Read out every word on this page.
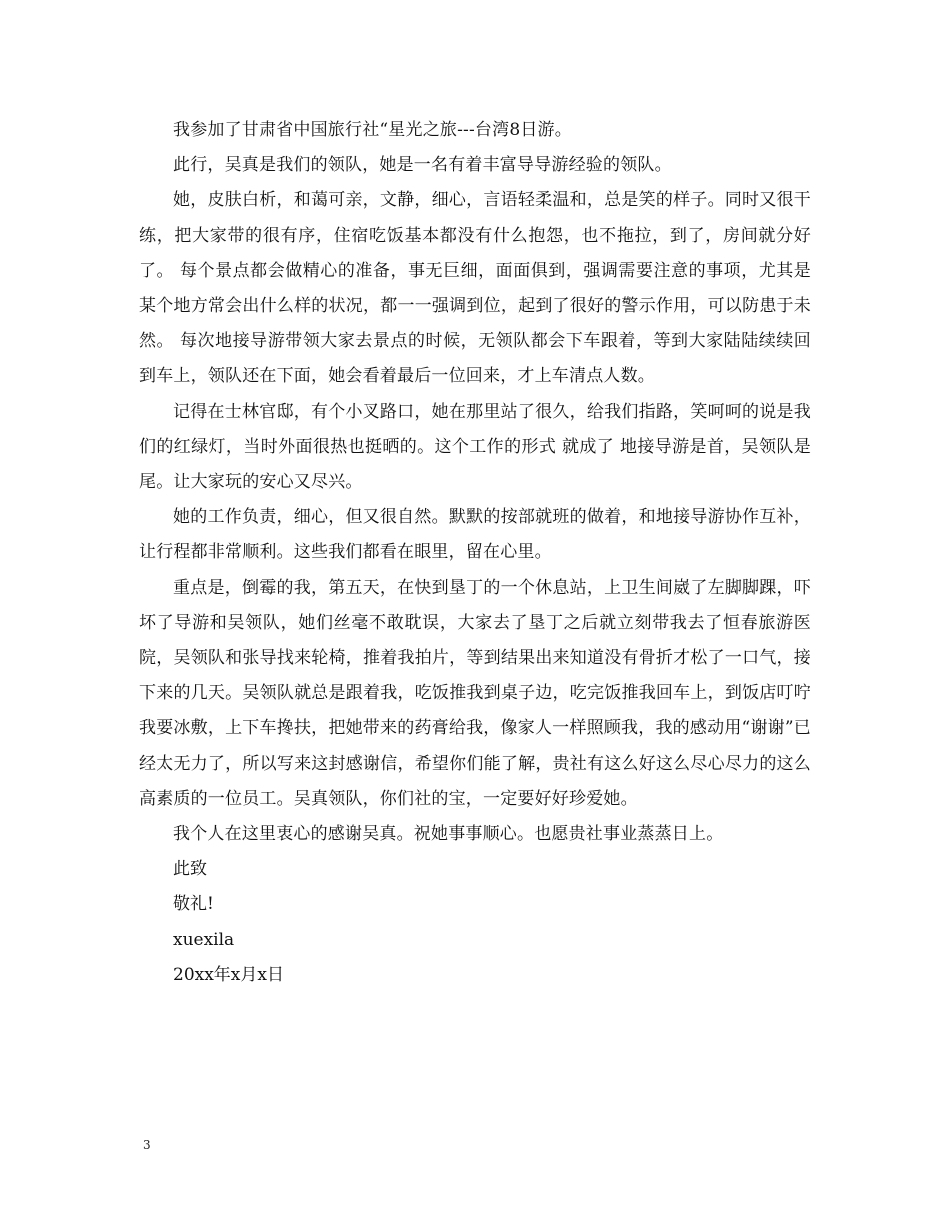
我参加了甘肃省中国旅行社“星光之旅---台湾8日游。

此行，吴真是我们的领队，她是一名有着丰富导导游经验的领队。

她，皮肤白析，和蔼可亲，文静，细心，言语轻柔温和，总是笑的样子。同时又很干练，把大家带的很有序，住宿吃饭基本都没有什么抱怨，也不拖拉，到了，房间就分好了。 每个景点都会做精心的准备，事无巨细，面面俱到，强调需要注意的事项，尤其是某个地方常会出什么样的状况，都一一强调到位，起到了很好的警示作用，可以防患于未然。 每次地接导游带领大家去景点的时候，无领队都会下车跟着，等到大家陆陆续续回到车上，领队还在下面，她会看着最后一位回来，才上车清点人数。

记得在士林官邸，有个小叉路口，她在那里站了很久，给我们指路，笑呵呵的说是我们的红绿灯，当时外面很热也挺晒的。这个工作的形式 就成了 地接导游是首，吴领队是尾。让大家玩的安心又尽兴。

她的工作负责，细心，但又很自然。默默的按部就班的做着，和地接导游协作互补，让行程都非常顺利。这些我们都看在眼里，留在心里。

重点是，倒霉的我，第五天，在快到垦丁的一个休息站，上卫生间崴了左脚脚踝，吓坏了导游和吴领队，她们丝毫不敢耽误，大家去了垦丁之后就立刻带我去了恒春旅游医院，吴领队和张导找来轮椅，推着我拍片，等到结果出来知道没有骨折才松了一口气，接下来的几天。吴领队就总是跟着我，吃饭推我到桌子边，吃完饭推我回车上，到饭店叮咛我要冰敷，上下车搀扶，把她带来的药膏给我，像家人一样照顾我，我的感动用“谢谢”已经太无力了，所以写来这封感谢信，希望你们能了解，贵社有这么好这么尽心尽力的这么高素质的一位员工。吴真领队，你们社的宝，一定要好好珍爱她。

我个人在这里衷心的感谢吴真。祝她事事顺心。也愿贵社事业蒸蒸日上。

此致

敬礼!

xuexila

20xx年x月x日

3
